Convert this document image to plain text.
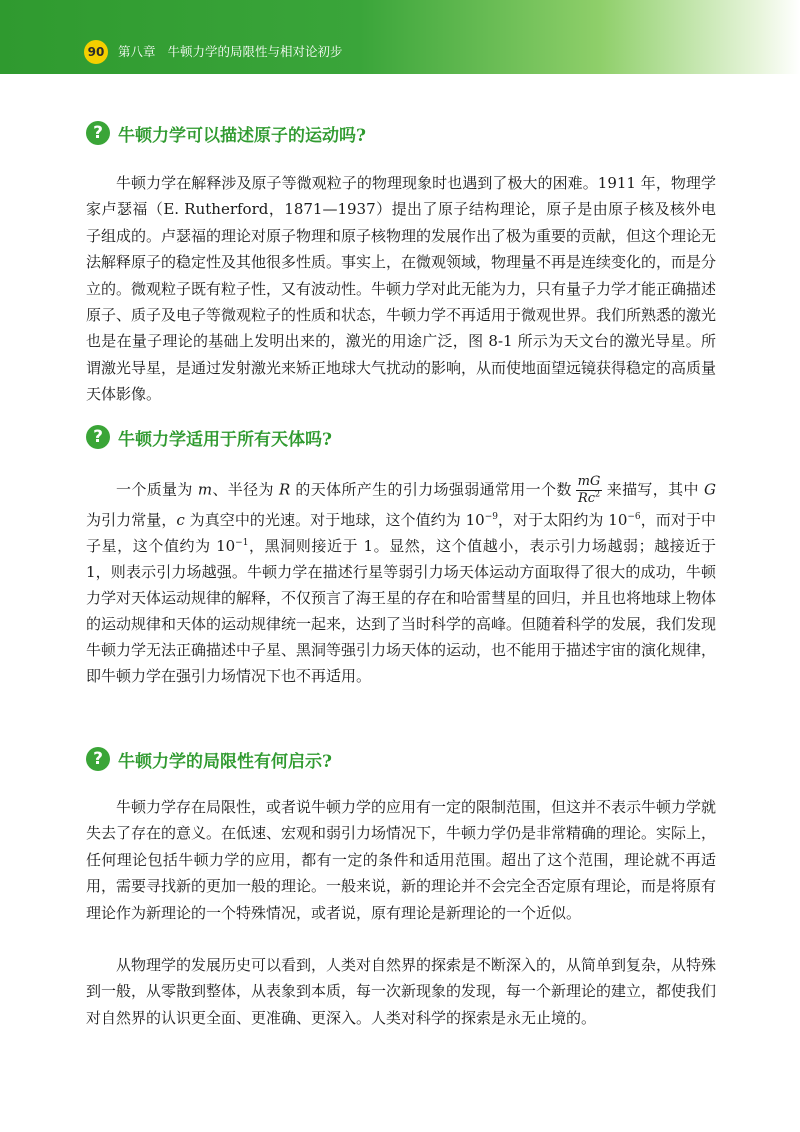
90 第八章 牛顿力学的局限性与相对论初步
? 牛顿力学可以描述原子的运动吗?

牛顿力学在解释涉及原子等微观粒子的物理现象时也遇到了极大的困难。1911 年，物理学家卢瑟福（E. Rutherford，1871—1937）提出了原子结构理论，原子是由原子核及核外电子组成的。卢瑟福的理论对原子物理和原子核物理的发展作出了极为重要的贡献，但这个理论无法解释原子的稳定性及其他很多性质。事实上，在微观领域，物理量不再是连续变化的，而是分立的。微观粒子既有粒子性，又有波动性。牛顿力学对此无能为力，只有量子力学才能正确描述原子、质子及电子等微观粒子的性质和状态，牛顿力学不再适用于微观世界。我们所熟悉的激光也是在量子理论的基础上发明出来的，激光的用途广泛，图 8-1 所示为天文台的激光导星。所谓激光导星，是通过发射激光来矫正地球大气扰动的影响，从而使地面望远镜获得稳定的高质量天体影像。

? 牛顿力学适用于所有天体吗?

一个质量为 m、半径为 R 的天体所产生的引力场强弱通常用一个数 $\frac{mG}{Rc^2}$ 来描写，其中 G 为引力常量，c 为真空中的光速。对于地球，这个值约为 $10^{-9}$，对于太阳约为 $10^{-6}$，而对于中子星，这个值约为 $10^{-1}$，黑洞则接近于 1。显然，这个值越小，表示引力场越弱；越接近于 1，则表示引力场越强。牛顿力学在描述行星等弱引力场天体运动方面取得了很大的成功，牛顿力学对天体运动规律的解释，不仅预言了海王星的存在和哈雷彗星的回归，并且也将地球上物体的运动规律和天体的运动规律统一起来，达到了当时科学的高峰。但随着科学的发展，我们发现牛顿力学无法正确描述中子星、黑洞等强引力场天体的运动，也不能用于描述宇宙的演化规律，即牛顿力学在强引力场情况下也不再适用。

? 牛顿力学的局限性有何启示?

牛顿力学存在局限性，或者说牛顿力学的应用有一定的限制范围，但这并不表示牛顿力学就失去了存在的意义。在低速、宏观和弱引力场情况下，牛顿力学仍是非常精确的理论。实际上，任何理论包括牛顿力学的应用，都有一定的条件和适用范围。超出了这个范围，理论就不再适用，需要寻找新的更加一般的理论。一般来说，新的理论并不会完全否定原有理论，而是将原有理论作为新理论的一个特殊情况，或者说，原有理论是新理论的一个近似。

从物理学的发展历史可以看到，人类对自然界的探索是不断深入的，从简单到复杂，从特殊到一般，从零散到整体，从表象到本质，每一次新现象的发现，每一个新理论的建立，都使我们对自然界的认识更全面、更准确、更深入。人类对科学的探索是永无止境的。
